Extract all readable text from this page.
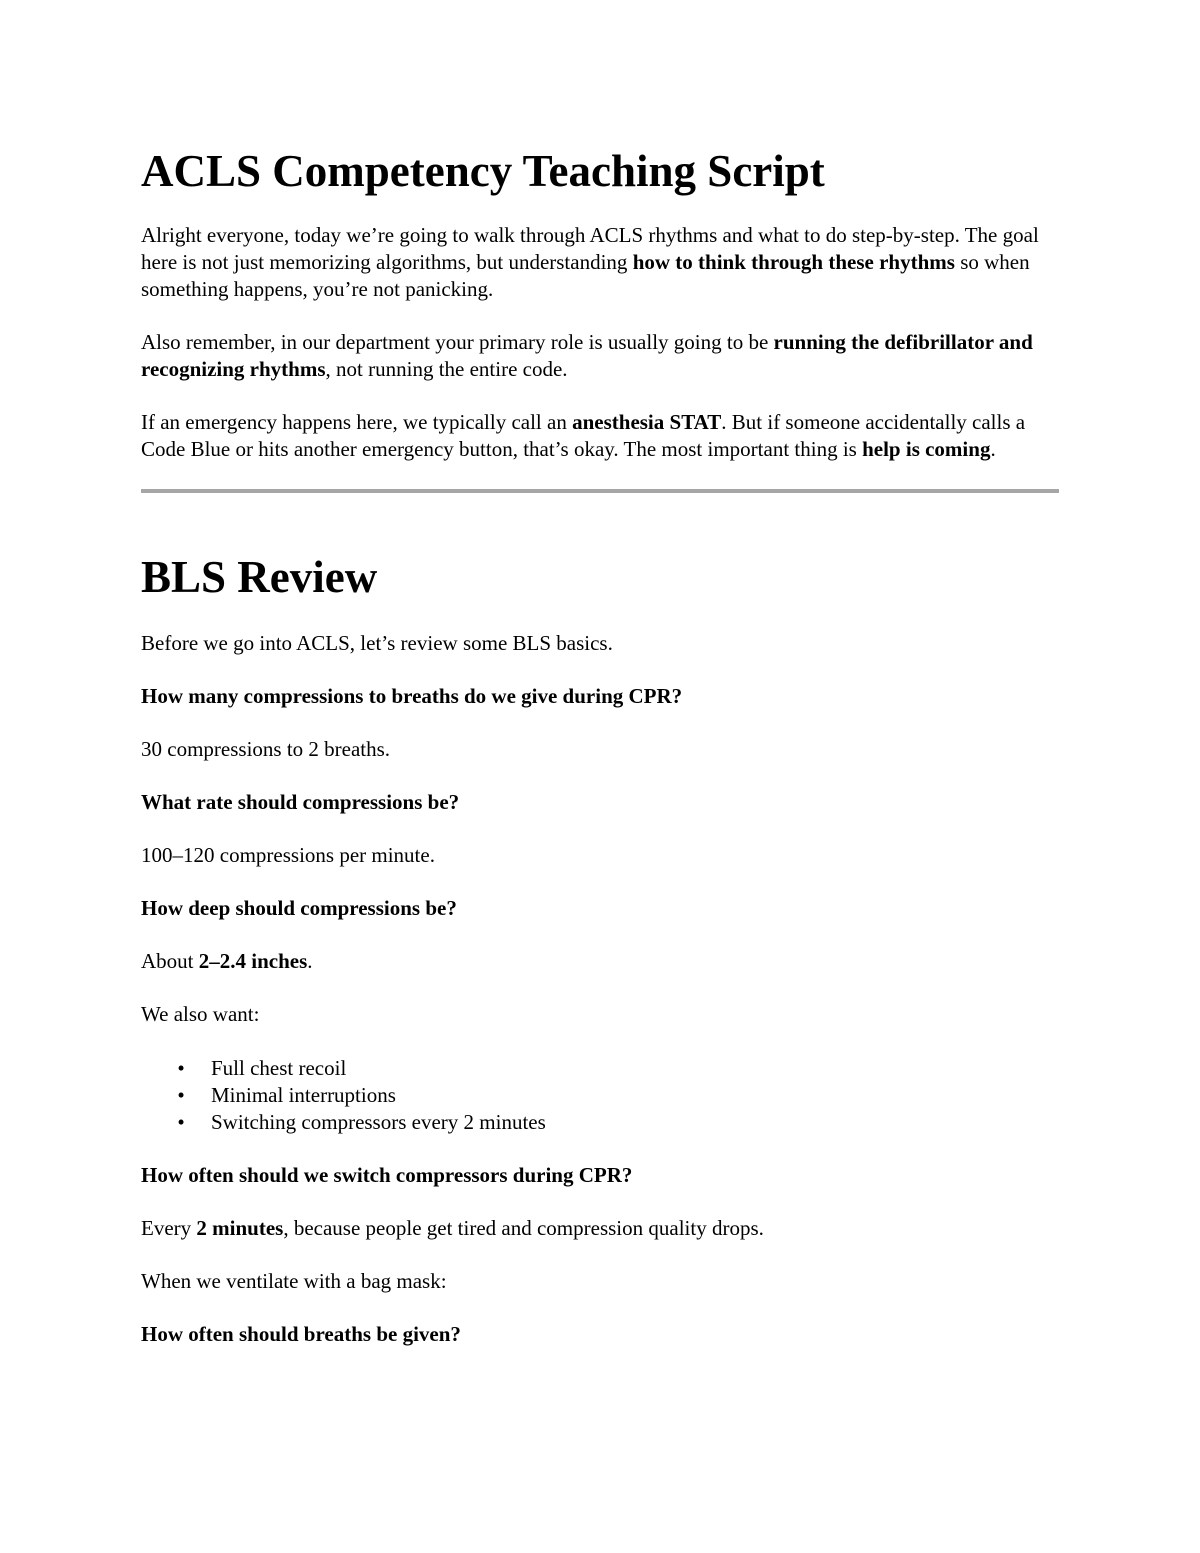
ACLS Competency Teaching Script

Alright everyone, today we’re going to walk through ACLS rhythms and what to do step-by-step. The goal here is not just memorizing algorithms, but understanding how to think through these rhythms so when something happens, you’re not panicking.

Also remember, in our department your primary role is usually going to be running the defibrillator and recognizing rhythms, not running the entire code.

If an emergency happens here, we typically call an anesthesia STAT. But if someone accidentally calls a Code Blue or hits another emergency button, that’s okay. The most important thing is help is coming.

BLS Review

Before we go into ACLS, let’s review some BLS basics.

How many compressions to breaths do we give during CPR?

30 compressions to 2 breaths.

What rate should compressions be?

100–120 compressions per minute.

How deep should compressions be?

About 2–2.4 inches.

We also want:

•	Full chest recoil
•	Minimal interruptions
•	Switching compressors every 2 minutes

How often should we switch compressors during CPR?

Every 2 minutes, because people get tired and compression quality drops.

When we ventilate with a bag mask:

How often should breaths be given?
